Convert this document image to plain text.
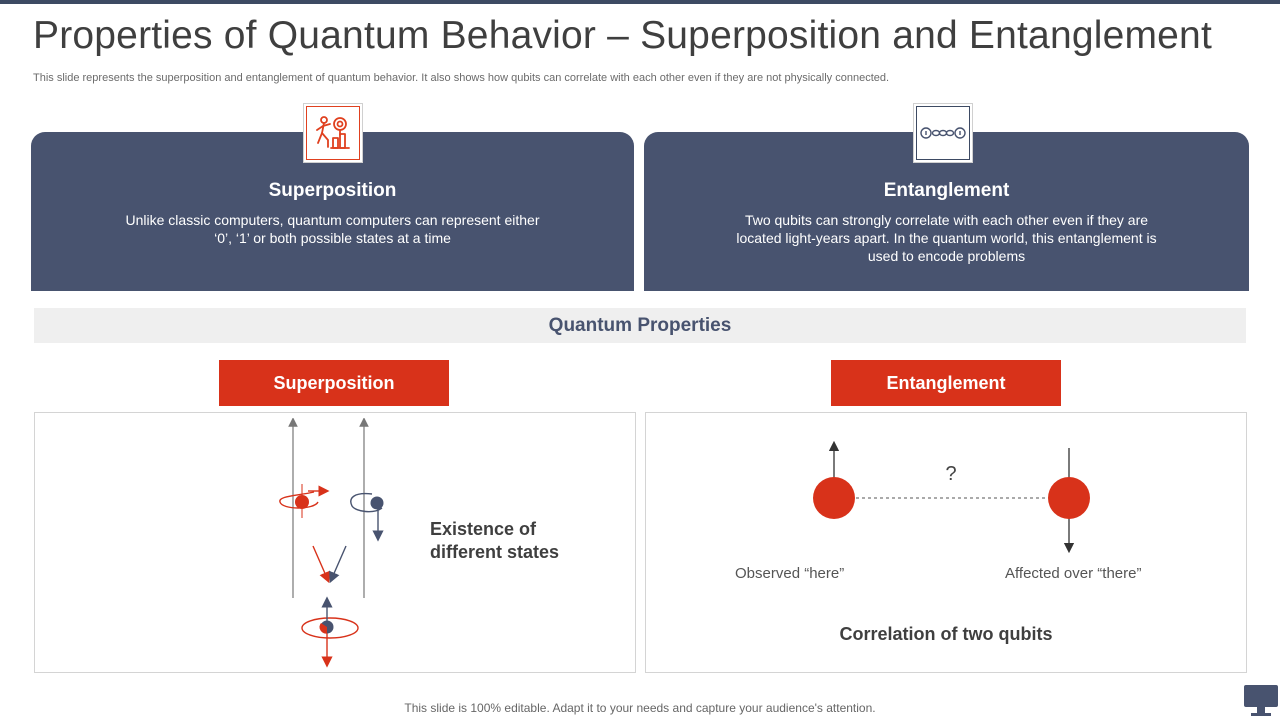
Properties of Quantum Behavior – Superposition and Entanglement
This slide represents the superposition and entanglement of quantum behavior. It also shows how qubits can correlate with each other even if they are not physically connected.
Superposition

Unlike classic computers, quantum computers can represent either ‘0’, ‘1’ or both possible states at a time

Entanglement

Two qubits can strongly correlate with each other even if they are located light-years apart. In the quantum world, this entanglement is used to encode problems

Quantum Properties
Superposition	Entanglement
Existence of
different states
?
Observed “here”	Affected over “there”
Correlation of two qubits
This slide is 100% editable. Adapt it to your needs and capture your audience's attention.
